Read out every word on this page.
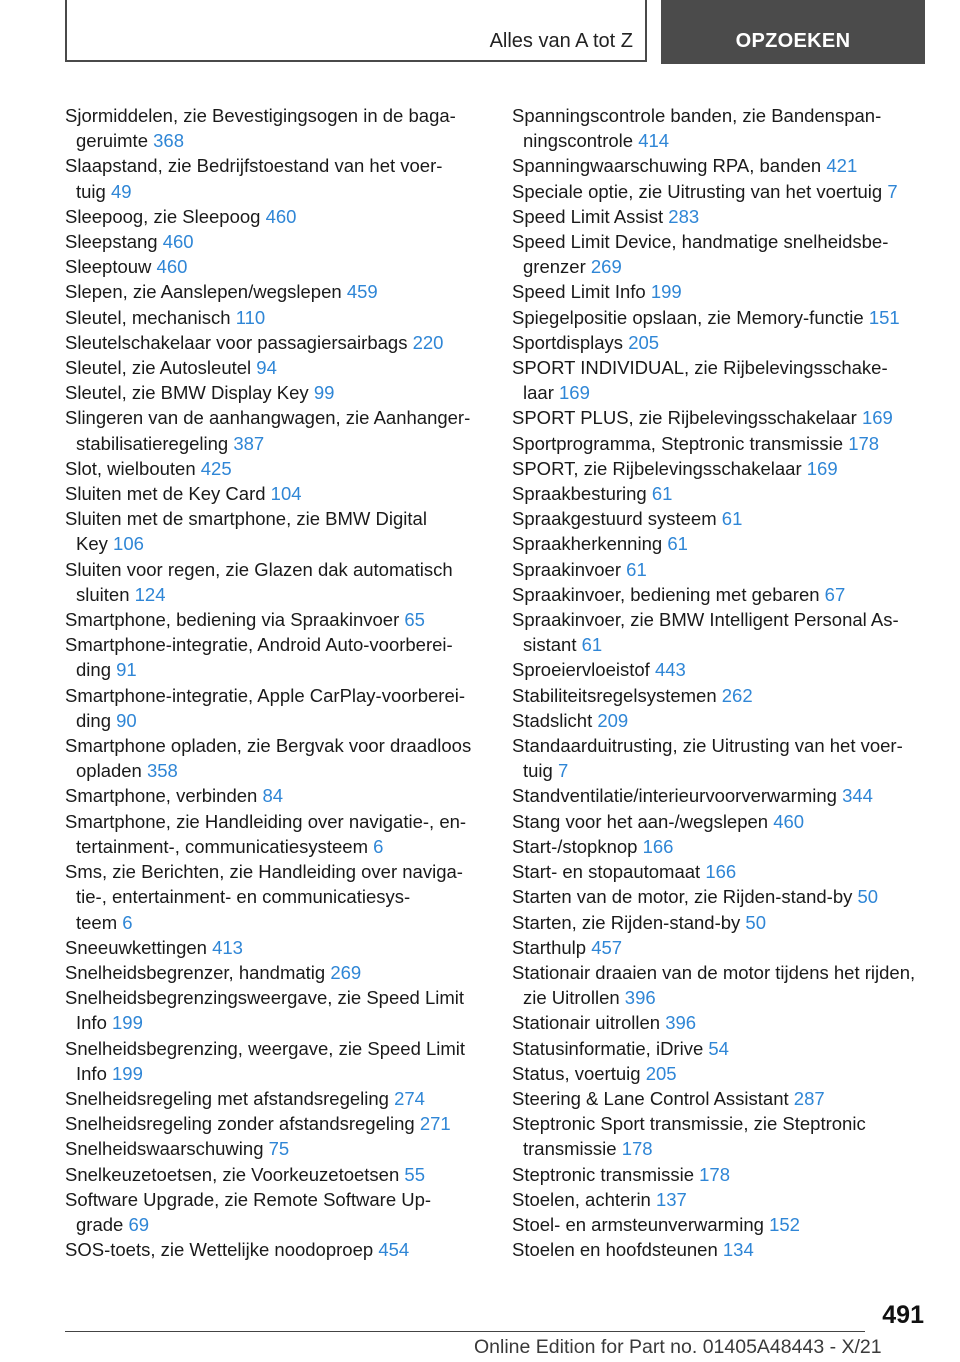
Alles van A tot Z	OPZOEKEN
Sjormiddelen, zie Bevestigingsogen in de baga-
geruimte 368
Slaapstand, zie Bedrijfstoestand van het voer-
tuig 49
Sleepoog, zie Sleepoog 460
Sleepstang 460
Sleeptouw 460
Slepen, zie Aanslepen/wegslepen 459
Sleutel, mechanisch 110
Sleutelschakelaar voor passagiersairbags 220
Sleutel, zie Autosleutel 94
Sleutel, zie BMW Display Key 99
Slingeren van de aanhangwagen, zie Aanhanger-
stabilisatieregeling 387
Slot, wielbouten 425
Sluiten met de Key Card 104
Sluiten met de smartphone, zie BMW Digital
Key 106
Sluiten voor regen, zie Glazen dak automatisch
sluiten 124
Smartphone, bediening via Spraakinvoer 65
Smartphone-integratie, Android Auto-voorberei-
ding 91
Smartphone-integratie, Apple CarPlay-voorberei-
ding 90
Smartphone opladen, zie Bergvak voor draadloos
opladen 358
Smartphone, verbinden 84
Smartphone, zie Handleiding over navigatie-, en-
tertainment-, communicatiesysteem 6
Sms, zie Berichten, zie Handleiding over naviga-
tie-, entertainment- en communicatiesys-
teem 6
Sneeuwkettingen 413
Snelheidsbegrenzer, handmatig 269
Snelheidsbegrenzingsweergave, zie Speed Limit
Info 199
Snelheidsbegrenzing, weergave, zie Speed Limit
Info 199
Snelheidsregeling met afstandsregeling 274
Snelheidsregeling zonder afstandsregeling 271
Snelheidswaarschuwing 75
Snelkeuzetoetsen, zie Voorkeuzetoetsen 55
Software Upgrade, zie Remote Software Up-
grade 69
SOS-toets, zie Wettelijke noodoproep 454
Spanningscontrole banden, zie Bandenspan-
ningscontrole 414
Spanningwaarschuwing RPA, banden 421
Speciale optie, zie Uitrusting van het voertuig 7
Speed Limit Assist 283
Speed Limit Device, handmatige snelheidsbe-
grenzer 269
Speed Limit Info 199
Spiegelpositie opslaan, zie Memory-functie 151
Sportdisplays 205
SPORT INDIVIDUAL, zie Rijbelevingsschake-
laar 169
SPORT PLUS, zie Rijbelevingsschakelaar 169
Sportprogramma, Steptronic transmissie 178
SPORT, zie Rijbelevingsschakelaar 169
Spraakbesturing 61
Spraakgestuurd systeem 61
Spraakherkenning 61
Spraakinvoer 61
Spraakinvoer, bediening met gebaren 67
Spraakinvoer, zie BMW Intelligent Personal As-
sistant 61
Sproeiervloeistof 443
Stabiliteitsregelsystemen 262
Stadslicht 209
Standaarduitrusting, zie Uitrusting van het voer-
tuig 7
Standventilatie/interieurvoorverwarming 344
Stang voor het aan-/wegslepen 460
Start-/stopknop 166
Start- en stopautomaat 166
Starten van de motor, zie Rijden-stand-by 50
Starten, zie Rijden-stand-by 50
Starthulp 457
Stationair draaien van de motor tijdens het rijden,
zie Uitrollen 396
Stationair uitrollen 396
Statusinformatie, iDrive 54
Status, voertuig 205
Steering & Lane Control Assistant 287
Steptronic Sport transmissie, zie Steptronic
transmissie 178
Steptronic transmissie 178
Stoelen, achterin 137
Stoel- en armsteunverwarming 152
Stoelen en hoofdsteunen 134
491
Online Edition for Part no. 01405A48443 - X/21
